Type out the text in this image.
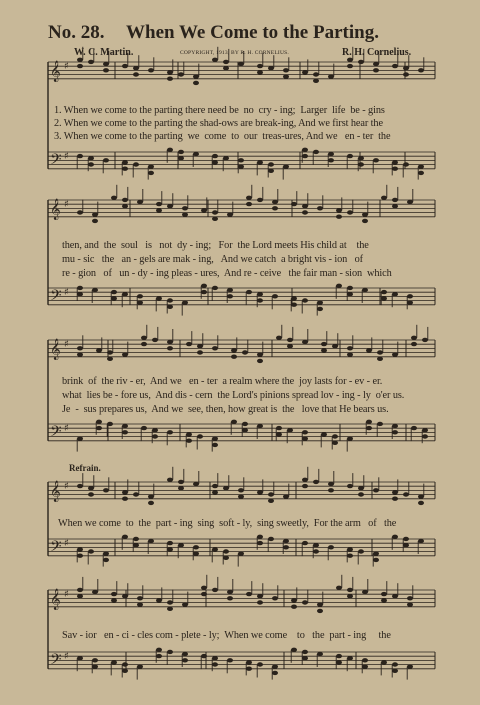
No. 28. When We Come to the Parting.
W. C. Martin.	COPYRIGHT, 1913, BY R. H. CORNELIUS.	R. H. Cornelius.
𝄞 ♯
𝄢 ♯
𝄞 ♯
𝄢 ♯
𝄞 ♯
𝄢 ♯
𝄞 ♯
𝄢 ♯
𝄞 ♯
𝄢 ♯
1. When we come to the parting there need be  no  cry - ing;  Larger  life  be - gins
2. When we come to the parting the shad-ows are break-ing, And we first hear the
3. When we come to the parting  we  come  to  our  treas-ures, And we   en - ter  the
then, and  the  soul   is   not  dy - ing;   For  the Lord meets His child at    the
mu - sic   the   an - gels are mak - ing,   And we catch  a bright vis - ion   of
re - gion   of   un - dy - ing pleas - ures,  And re - ceive   the fair man - sion  which
brink  of  the riv - er,  And we   en - ter  a realm where the  joy lasts for - ev - er.
what  lies be - fore us,  And dis - cern  the Lord's pinions spread lov - ing - ly  o'er us.
Je  -  sus prepares us,  And we  see, then, how great is  the   love that He bears us.
Refrain.
When we come  to  the  part - ing  sing  soft - ly,  sing sweetly,  For the arm   of   the
Sav - ior   en - ci - cles com - plete - ly;  When we come    to   the  part - ing     the
